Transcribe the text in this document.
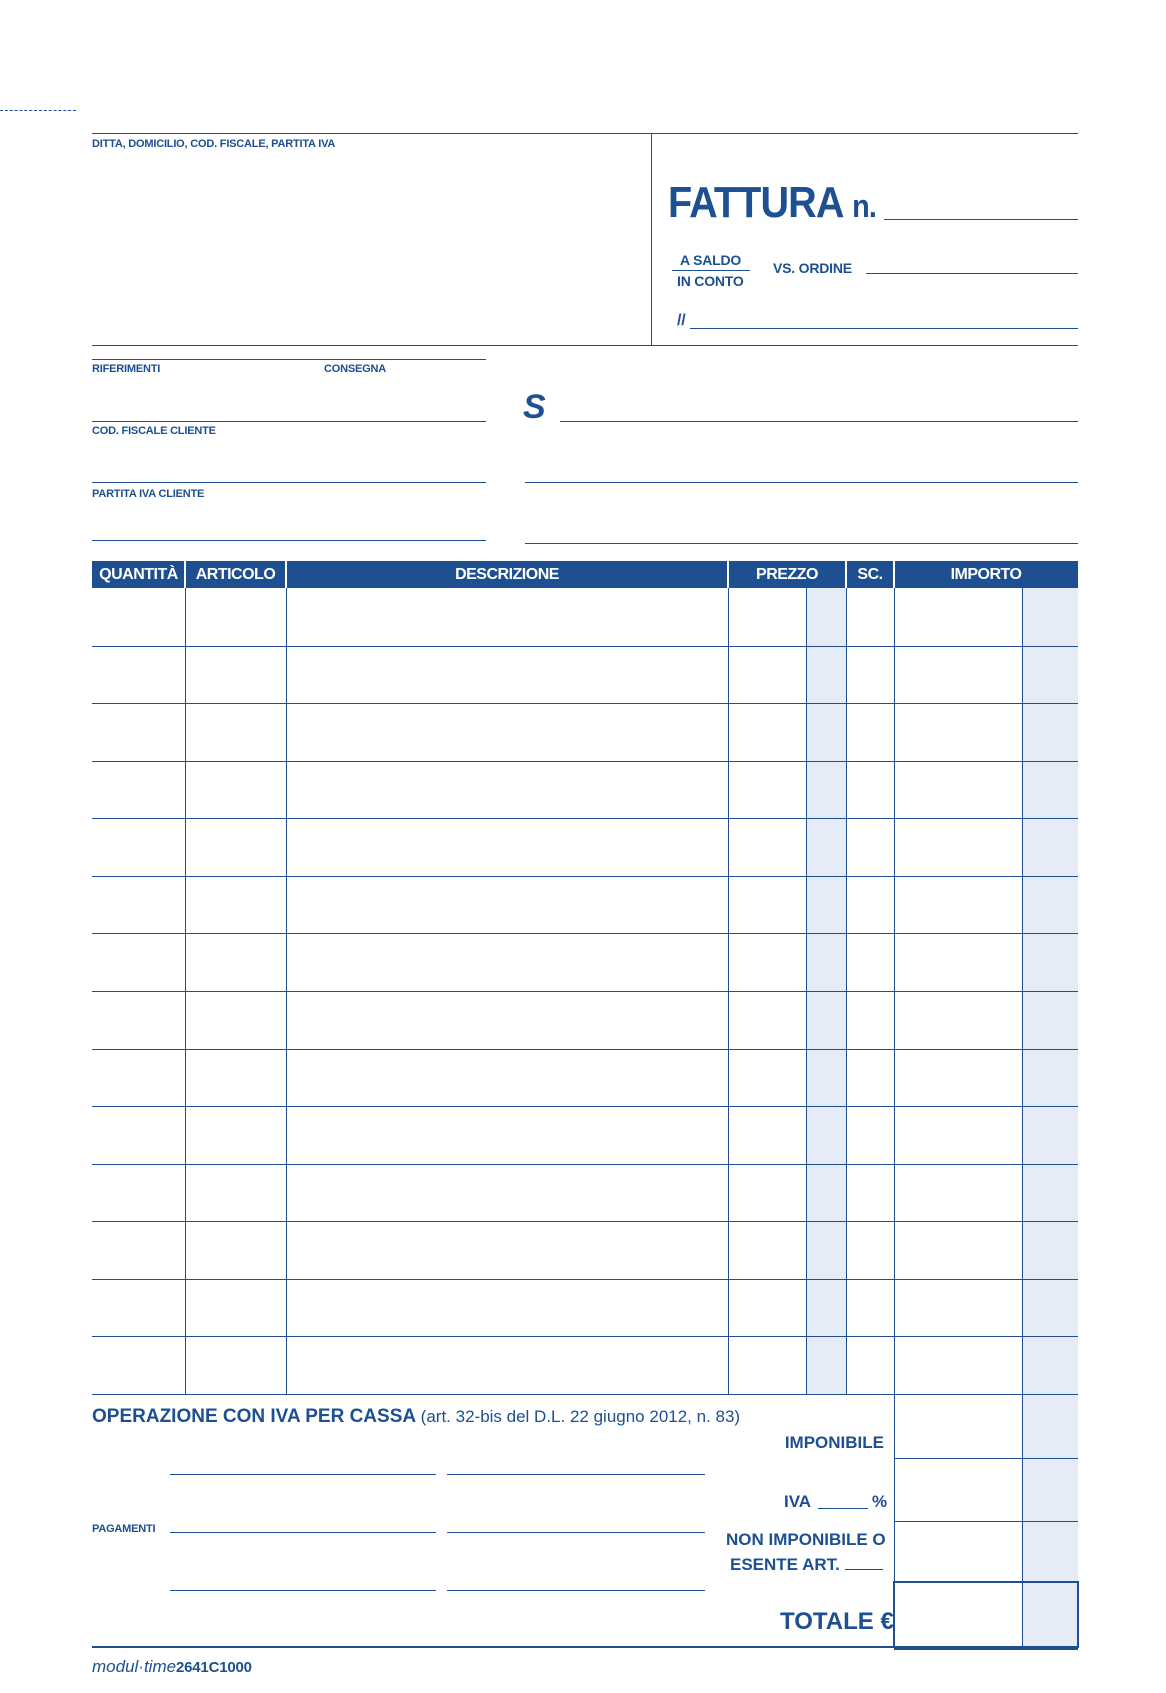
DITTA, DOMICILIO, COD. FISCALE, PARTITA IVA
FATTURA n.
A SALDO
IN CONTO
VS. ORDINE
//
RIFERIMENTI	CONSEGNA
COD. FISCALE CLIENTE
PARTITA IVA CLIENTE
S
QUANTITÀ	ARTICOLO	DESCRIZIONE	PREZZO	SC.	IMPORTO
OPERAZIONE CON IVA PER CASSA (art. 32-bis del D.L. 22 giugno 2012, n. 83)
IMPONIBILE
IVA	%
NON IMPONIBILE O
ESENTE ART.
TOTALE €
PAGAMENTI
modul·time 2641C1000
